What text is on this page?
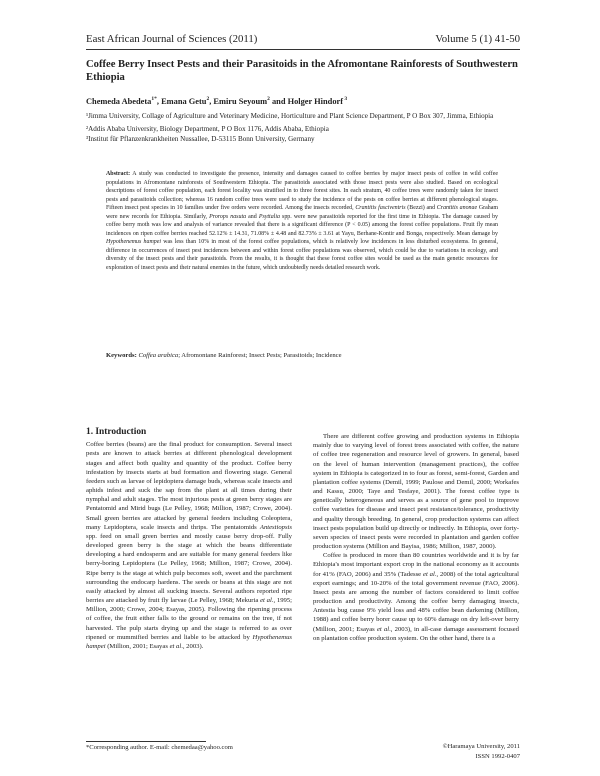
East African Journal of Sciences (2011)	Volume 5 (1) 41-50
Coffee Berry Insect Pests and their Parasitoids in the Afromontane Rainforests of Southwestern Ethiopia
Chemeda Abedeta$^{1*}$, Emana Getu$^2$, Emiru Seyoum$^2$ and Holger Hindorf $^3$
¹Jimma University, Collage of Agriculture and Veterinary Medicine, Horticulture and Plant Science Department, P O Box 307, Jimma, Ethiopia
²Addis Ababa University, Biology Department, P O Box 1176, Addis Ababa, Ethiopia
³Institut für Pflanzenkrankheiten Nussallee, D-53115 Bonn University, Germany
Abstract: A study was conducted to investigate the presence, intensity and damages caused to coffee berries by major insect pests of coffee in wild coffee populations in Afromontane rainforests of Southwestern Ethiopia. The parasitoids associated with those insect pests were also studied. Based on ecological descriptions of forest coffee population, each forest locality was stratified in to three forest sites. In each stratum, 40 coffee trees were randomly taken for insect pests and parasitoids collection; whereas 16 random coffee trees were used to study the incidence of the pests on coffee berries at different phenological stages. Fifteen insect pest species in 10 families under five orders were recorded. Among the insects recorded, Crantitis fasciventris (Bezzi) and Crantitis anonae Graham were new records for Ethiopia. Similarly, Prorops nasuta and Psyttalia spp. were new parasitoids reported for the first time in Ethiopia. The damage caused by coffee berry moth was low and analysis of variance revealed that there is a significant difference (P < 0.05) among the forest coffee populations. Fruit fly mean incidences on ripen coffee berries reached 52.12% ± 14.31, 71.08% ± 4.48 and 82.73% ± 3.61 at Yayu, Berhane-Kontir and Bonga, respectively. Mean damage by Hypothenemus hampei was less than 10% in most of the forest coffee populations, which is relatively low incidences in less disturbed ecosystems. In general, difference in occurrences of insect pest incidences between and within forest coffee populations was observed, which could be due to variations in ecology, and diversity of the insect pests and their parasitoids. From the results, it is thought that these forest coffee sites would be used as the main genetic resources for exploration of insect pests and their natural enemies in the future, which undoubtedly needs detailed research work.
Keywords: Coffea arabica; Afromontane Rainforest; Insect Pests; Parasitoids; Incidence
1. Introduction

Coffee berries (beans) are the final product for consumption. Several insect pests are known to attack berries at different phenological development stages and affect both quality and quantity of the product. Coffee berry infestation by insects starts at bud formation and flowering stage. General feeders such as larvae of lepidoptera damage buds, whereas scale insects and aphids infest and suck the sap from the plant at all times during their nymphal and adult stages. The most injurious pests at green berry stages are Pentatomid and Mirid bugs (Le Pelley, 1968; Million, 1987; Crowe, 2004). Small green berries are attacked by general feeders including Coleoptera, many Lepidoptera, scale insects and thrips. The pentatomids Antestiopsis spp. feed on small green berries and mostly cause berry drop-off. Fully developed green berry is the stage at which the beans differentiate developing a hard endosperm and are suitable for many general feeders like berry-boring Lepidoptera (Le Pelley, 1968; Million, 1987; Crowe, 2004). Ripe berry is the stage at which pulp becomes soft, sweet and the parchment surrounding the endocarp hardens. The seeds or beans at this stage are not easily attacked by almost all sucking insects. Several authors reported ripe berries are attacked by fruit fly larvae (Le Pelley, 1968; Mekuria et al., 1995; Million, 2000; Crowe, 2004; Esayas, 2005). Following the ripening process of coffee, the fruit either falls to the ground or remains on the tree, if not harvested. The pulp starts drying up and the stage is referred to as over ripened or mummified berries and liable to be attacked by Hypothenemus hampei (Million, 2001; Esayas et al., 2003).

There are different coffee growing and production systems in Ethiopia mainly due to varying level of forest trees associated with coffee, the nature of coffee tree regeneration and resource level of growers. In general, based on the level of human intervention (management practices), the coffee system in Ethiopia is categorized in to four as forest, semi-forest, Garden and plantation coffee systems (Demil, 1999; Paulose and Demil, 2000; Workafes and Kassu, 2000; Taye and Tesfaye, 2001). The forest coffee type is genetically heterogeneous and serves as a source of gene pool to improve coffee varieties for disease and insect pest resistance/tolerance, productivity and quality through breeding. In general, crop production systems can affect insect pests population build up directly or indirectly. In Ethiopia, over forty-seven species of insect pests were recorded in plantation and garden coffee production systems (Million and Bayisa, 1986; Million, 1987, 2000).

Coffee is produced in more than 80 countries worldwide and it is by far Ethiopia's most important export crop in the national economy as it accounts for 41% (FAO, 2006) and 35% (Tadesse et al., 2008) of the total agricultural export earnings; and 10-20% of the total government revenue (FAO, 2006). Insect pests are among the number of factors considered to limit coffee production and productivity. Among the coffee berry damaging insects, Antestia bug cause 9% yield loss and 48% coffee bean darkening (Million, 1988) and coffee berry borer cause up to 60% damage on dry left-over berry (Million, 2001; Esayas et al., 2003), in all-case damage assessment focused on plantation coffee production system. On the other hand, there is a

*Corresponding author. E-mail: chemedaa@yahoo.com	©Haramaya University, 2011
ISSN 1992-0407
